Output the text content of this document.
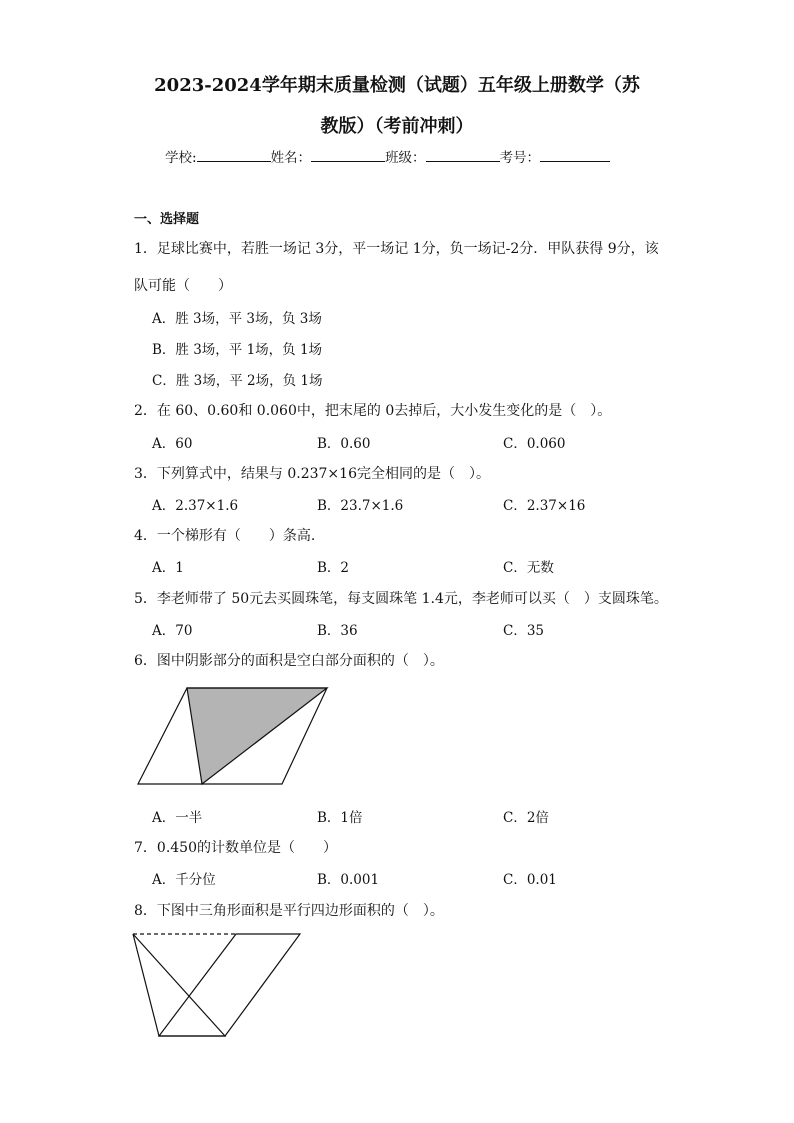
2023-2024学年期末质量检测（试题）五年级上册数学（苏
教版）（考前冲刺）
学校:	姓名：	班级：	考号：
一、选择题
1．足球比赛中，若胜一场记 3分，平一场记 1分，负一场记-2分．甲队获得 9分，该
队可能（　　）
A．胜 3场，平 3场，负 3场
B．胜 3场，平 1场，负 1场
C．胜 3场，平 2场，负 1场
2．在 60、0.60和 0.060中，把末尾的 0去掉后，大小发生变化的是（　）。
A．60	B．0.60	C．0.060
3．下列算式中，结果与 0.237×16完全相同的是（　）。
A．2.37×1.6	B．23.7×1.6	C．2.37×16
4．一个梯形有（　　）条高.
A．1	B．2	C．无数
5．李老师带了 50元去买圆珠笔，每支圆珠笔 1.4元，李老师可以买（　）支圆珠笔。
A．70	B．36	C．35
6．图中阴影部分的面积是空白部分面积的（　）。
A．一半	B．1倍	C．2倍
7．0.450的计数单位是（　　）
A．千分位	B．0.001	C．0.01
8．下图中三角形面积是平行四边形面积的（　）。
